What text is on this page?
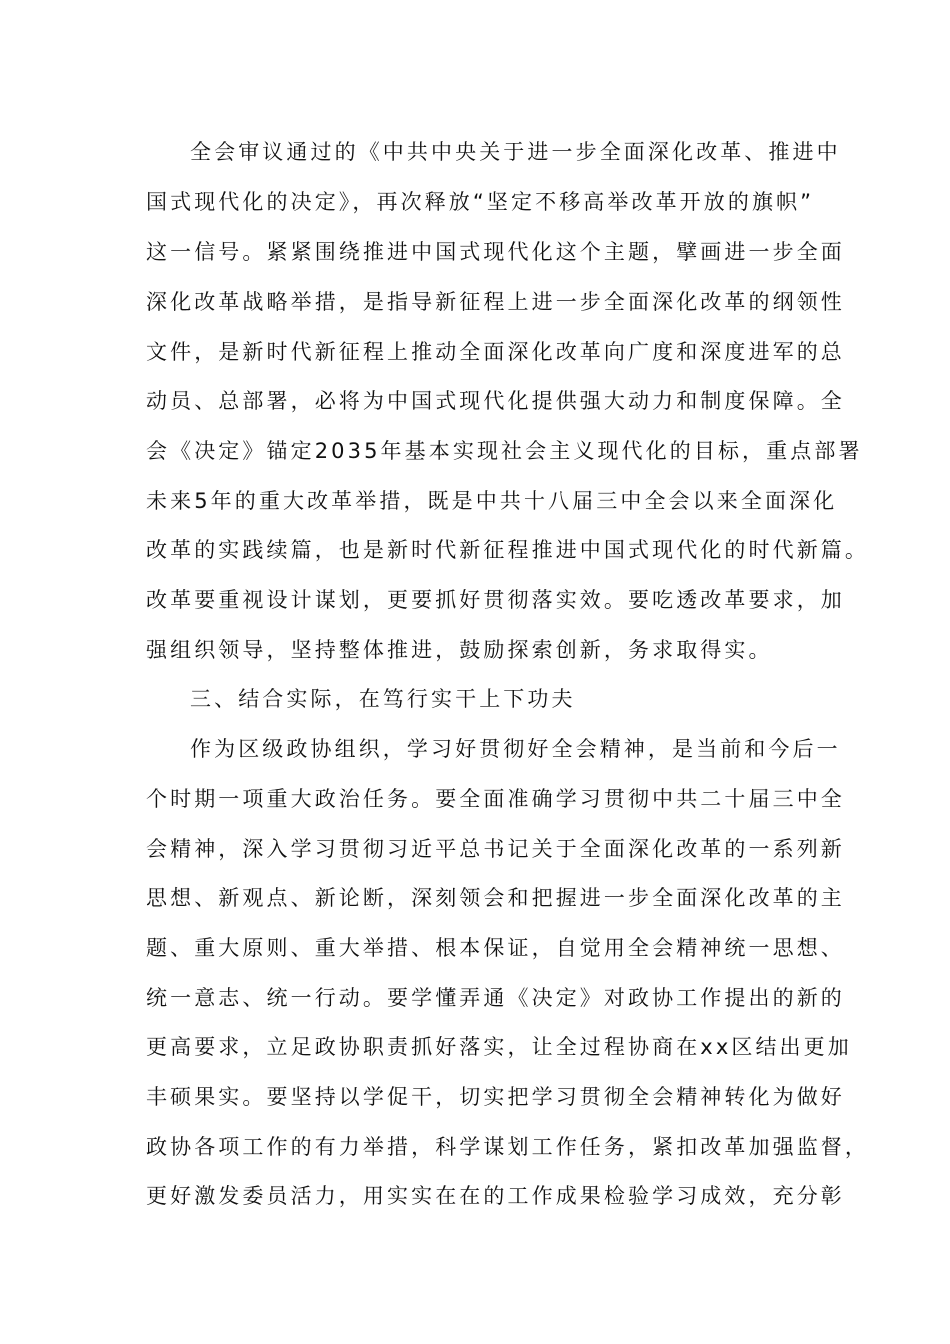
全会审议通过的《中共中央关于进一步全面深化改革、推进中
国式现代化的决定》，再次释放“坚定不移高举改革开放的旗帜”
这一信号。紧紧围绕推进中国式现代化这个主题，擘画进一步全面
深化改革战略举措，是指导新征程上进一步全面深化改革的纲领性
文件，是新时代新征程上推动全面深化改革向广度和深度进军的总
动员、总部署，必将为中国式现代化提供强大动力和制度保障。全
会《决定》锚定2035年基本实现社会主义现代化的目标，重点部署
未来5年的重大改革举措，既是中共十八届三中全会以来全面深化
改革的实践续篇，也是新时代新征程推进中国式现代化的时代新篇。
改革要重视设计谋划，更要抓好贯彻落实效。要吃透改革要求，加
强组织领导，坚持整体推进，鼓励探索创新，务求取得实。
三、结合实际，在笃行实干上下功夫
作为区级政协组织，学习好贯彻好全会精神，是当前和今后一
个时期一项重大政治任务。要全面准确学习贯彻中共二十届三中全
会精神，深入学习贯彻习近平总书记关于全面深化改革的一系列新
思想、新观点、新论断，深刻领会和把握进一步全面深化改革的主
题、重大原则、重大举措、根本保证，自觉用全会精神统一思想、
统一意志、统一行动。要学懂弄通《决定》对政协工作提出的新的
更高要求，立足政协职责抓好落实，让全过程协商在xx区结出更加
丰硕果实。要坚持以学促干，切实把学习贯彻全会精神转化为做好
政协各项工作的有力举措，科学谋划工作任务，紧扣改革加强监督，
更好激发委员活力，用实实在在的工作成果检验学习成效，充分彰
